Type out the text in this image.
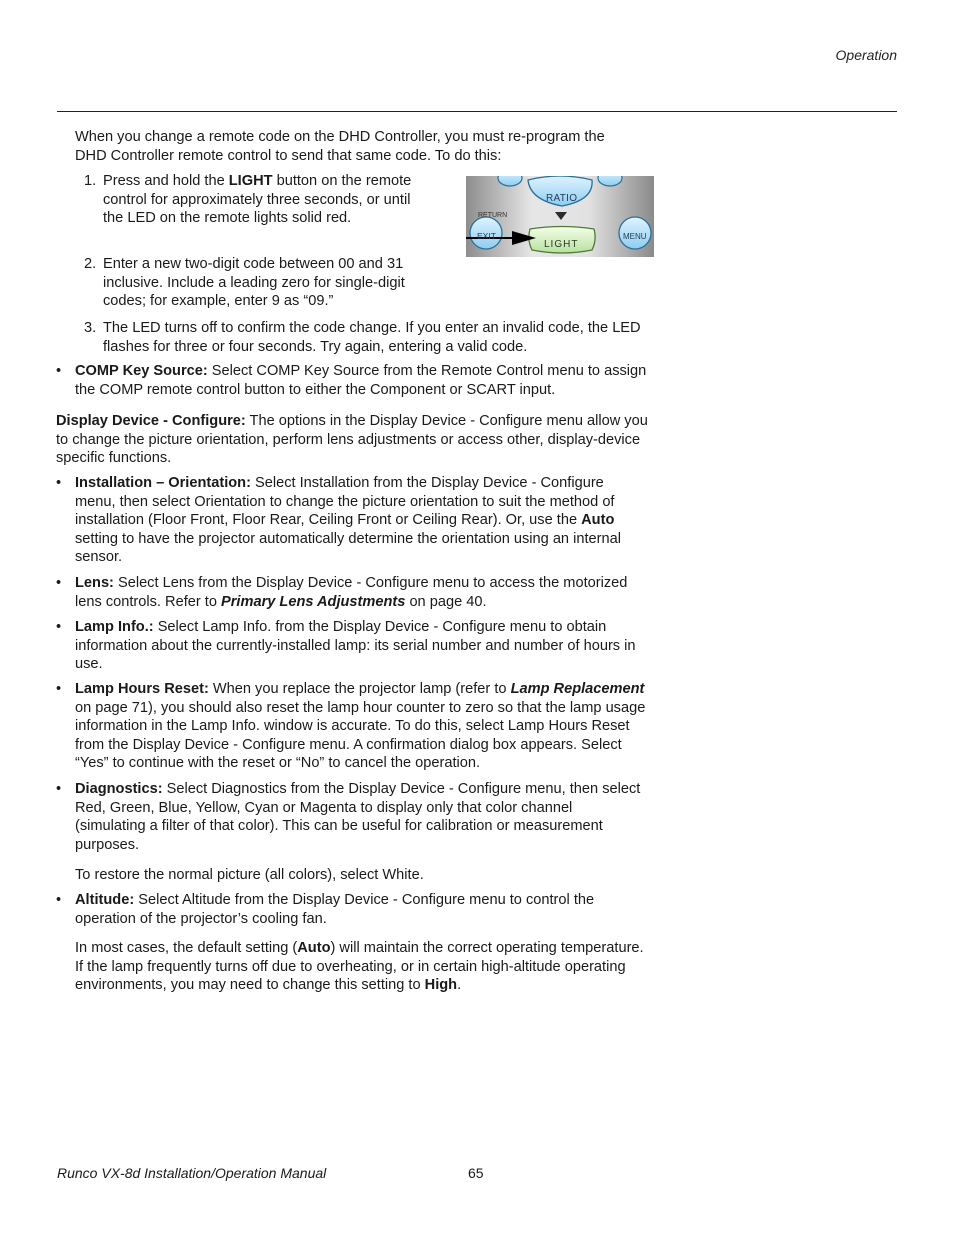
Operation

When you change a remote code on the DHD Controller, you must re-program the DHD Controller remote control to send that same code. To do this:

1. Press and hold the LIGHT button on the remote control for approximately three seconds, or until the LED on the remote lights solid red.

2. Enter a new two-digit code between 00 and 31 inclusive. Include a leading zero for single-digit codes; for example, enter 9 as “09.”

3. The LED turns off to confirm the code change. If you enter an invalid code, the LED flashes for three or four seconds. Try again, entering a valid code.

RATIO
RETURN
EXIT
LIGHT
MENU
• COMP Key Source: Select COMP Key Source from the Remote Control menu to assign the COMP remote control button to either the Component or SCART input.

Display Device - Configure: The options in the Display Device - Configure menu allow you to change the picture orientation, perform lens adjustments or access other, display-device specific functions.

• Installation – Orientation: Select Installation from the Display Device - Configure menu, then select Orientation to change the picture orientation to suit the method of installation (Floor Front, Floor Rear, Ceiling Front or Ceiling Rear). Or, use the Auto setting to have the projector automatically determine the orientation using an internal sensor.

• Lens: Select Lens from the Display Device - Configure menu to access the motorized lens controls. Refer to Primary Lens Adjustments on page 40.

• Lamp Info.: Select Lamp Info. from the Display Device - Configure menu to obtain information about the currently-installed lamp: its serial number and number of hours in use.

• Lamp Hours Reset: When you replace the projector lamp (refer to Lamp Replacement on page 71), you should also reset the lamp hour counter to zero so that the lamp usage information in the Lamp Info. window is accurate. To do this, select Lamp Hours Reset from the Display Device - Configure menu. A confirmation dialog box appears. Select “Yes” to continue with the reset or “No” to cancel the operation.

• Diagnostics: Select Diagnostics from the Display Device - Configure menu, then select Red, Green, Blue, Yellow, Cyan or Magenta to display only that color channel (simulating a filter of that color). This can be useful for calibration or measurement purposes.

To restore the normal picture (all colors), select White.

• Altitude: Select Altitude from the Display Device - Configure menu to control the operation of the projector’s cooling fan.

In most cases, the default setting (Auto) will maintain the correct operating temperature. If the lamp frequently turns off due to overheating, or in certain high-altitude operating environments, you may need to change this setting to High.

Runco VX-8d Installation/Operation Manual	65
